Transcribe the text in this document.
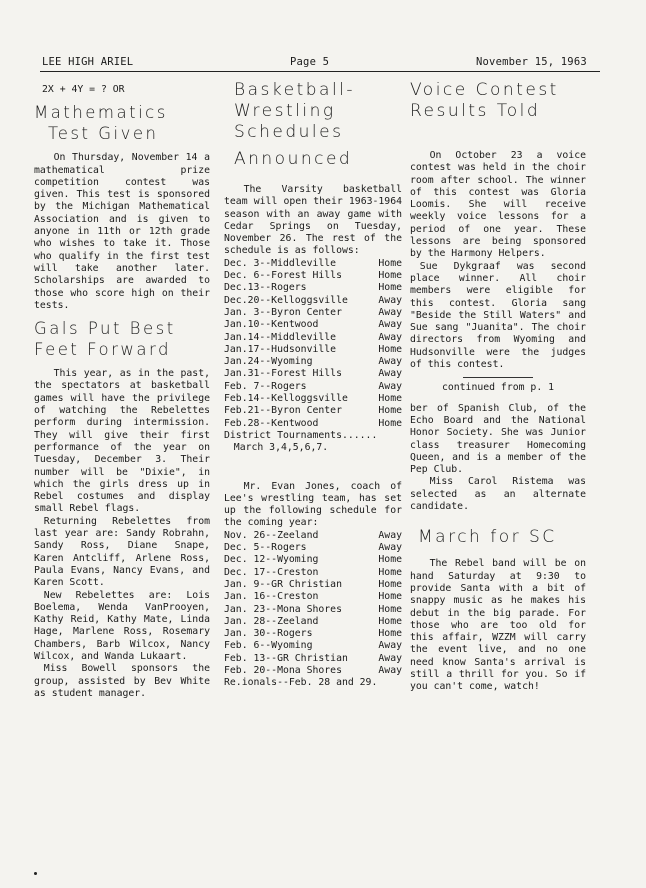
LEE HIGH ARIEL	Page 5	November 15, 1963
2X + 4Y = ? OR
Mathematics
Test Given

On Thursday, November 14 a mathematical prize competition contest was given. This test is sponsored by the Michigan Mathematical Association and is given to anyone in 11th or 12th grade who wishes to take it. Those who qualify in the first test will take another later. Scholarships are awarded to those who score high on their tests.

Gals Put Best
Feet Forward

This year, as in the past, the spectators at basketball games will have the privilege of watching the Rebelettes perform during intermission. They will give their first performance of the year on Tuesday, December 3. Their number will be "Dixie", in which the girls dress up in Rebel costumes and display small Rebel flags.

Returning Rebelettes from last year are: Sandy Robrahn, Sandy Ross, Diane Snape, Karen Antcliff, Arlene Ross, Paula Evans, Nancy Evans, and Karen Scott.

New Rebelettes are: Lois Boelema, Wenda VanProoyen, Kathy Reid, Kathy Mate, Linda Hage, Marlene Ross, Rosemary Chambers, Barb Wilcox, Nancy Wilcox, and Wanda Lukaart.

Miss Bowell sponsors the group, assisted by Bev White as student manager.

Basketball-
Wrestling
Schedules
Announced

The Varsity basketball team will open their 1963-1964 season with an away game with Cedar Springs on Tuesday, November 26. The rest of the schedule is as follows:

Dec. 3--Middleville	Home
Dec. 6--Forest Hills	Home
Dec.13--Rogers	Home
Dec.20--Kelloggsville	Away
Jan. 3--Byron Center	Away
Jan.10--Kentwood	Away
Jan.14--Middleville	Away
Jan.17--Hudsonville	Home
Jan.24--Wyoming	Away
Jan.31--Forest Hills	Away
Feb. 7--Rogers	Away
Feb.14--Kelloggsville	Home
Feb.21--Byron Center	Home
Feb.28--Kentwood	Home
District Tournaments......
March 3,4,5,6,7.

Mr. Evan Jones, coach of Lee's wrestling team, has set up the following schedule for the coming year:

Nov. 26--Zeeland	Away
Dec. 5--Rogers	Away
Dec. 12--Wyoming	Home
Dec. 17--Creston	Home
Jan. 9--GR Christian	Home
Jan. 16--Creston	Home
Jan. 23--Mona Shores	Home
Jan. 28--Zeeland	Home
Jan. 30--Rogers	Home
Feb. 6--Wyoming	Away
Feb. 13--GR Christian	Away
Feb. 20--Mona Shores	Away
Re.ionals--Feb. 28 and 29.
Voice Contest
Results Told

On October 23 a voice contest was held in the choir room after school. The winner of this contest was Gloria Loomis. She will receive weekly voice lessons for a period of one year. These lessons are being sponsored by the Harmony Helpers.

Sue Dykgraaf was second place winner. All choir members were eligible for this contest. Gloria sang "Beside the Still Waters" and Sue sang "Juanita". The choir directors from Wyoming and Hudsonville were the judges of this contest.

continued from p. 1

ber of Spanish Club, of the Echo Board and the National Honor Society. She was Junior class treasurer Homecoming Queen, and is a member of the Pep Club.

Miss Carol Ristema was selected as an alternate candidate.

March for SC

The Rebel band will be on hand Saturday at 9:30 to provide Santa with a bit of snappy music as he makes his debut in the big parade. For those who are too old for this affair, WZZM will carry the event live, and no one need know Santa's arrival is still a thrill for you. So if you can't come, watch!
